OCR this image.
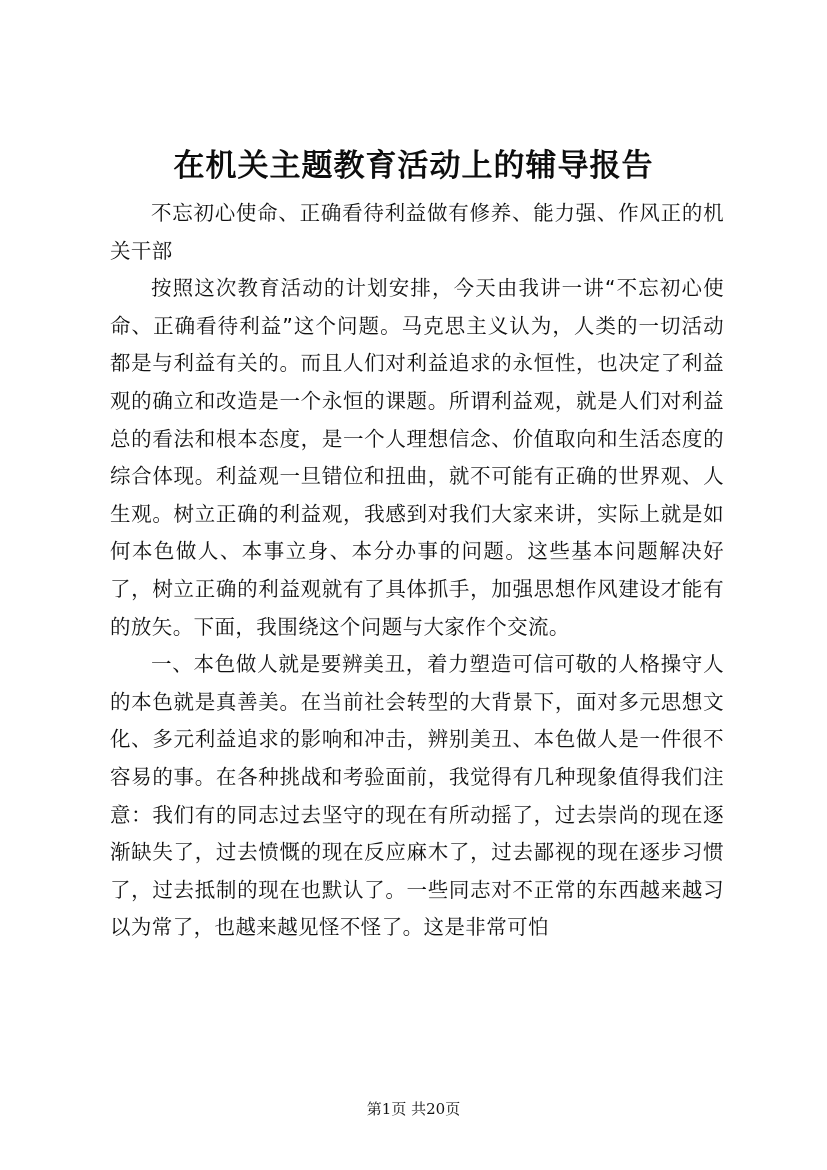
在机关主题教育活动上的辅导报告

不忘初心使命、正确看待利益做有修养、能力强、作风正的机关干部

按照这次教育活动的计划安排，今天由我讲一讲“不忘初心使命、正确看待利益”这个问题。马克思主义认为，人类的一切活动都是与利益有关的。而且人们对利益追求的永恒性，也决定了利益观的确立和改造是一个永恒的课题。所谓利益观，就是人们对利益总的看法和根本态度，是一个人理想信念、价值取向和生活态度的综合体现。利益观一旦错位和扭曲，就不可能有正确的世界观、人生观。树立正确的利益观，我感到对我们大家来讲，实际上就是如何本色做人、本事立身、本分办事的问题。这些基本问题解决好了，树立正确的利益观就有了具体抓手，加强思想作风建设才能有的放矢。下面，我围绕这个问题与大家作个交流。

一、本色做人就是要辨美丑，着力塑造可信可敬的人格操守人的本色就是真善美。在当前社会转型的大背景下，面对多元思想文化、多元利益追求的影响和冲击，辨别美丑、本色做人是一件很不容易的事。在各种挑战和考验面前，我觉得有几种现象值得我们注意：我们有的同志过去坚守的现在有所动摇了，过去崇尚的现在逐渐缺失了，过去愤慨的现在反应麻木了，过去鄙视的现在逐步习惯了，过去抵制的现在也默认了。一些同志对不正常的东西越来越习以为常了，也越来越见怪不怪了。这是非常可怕

第1页 共20页
